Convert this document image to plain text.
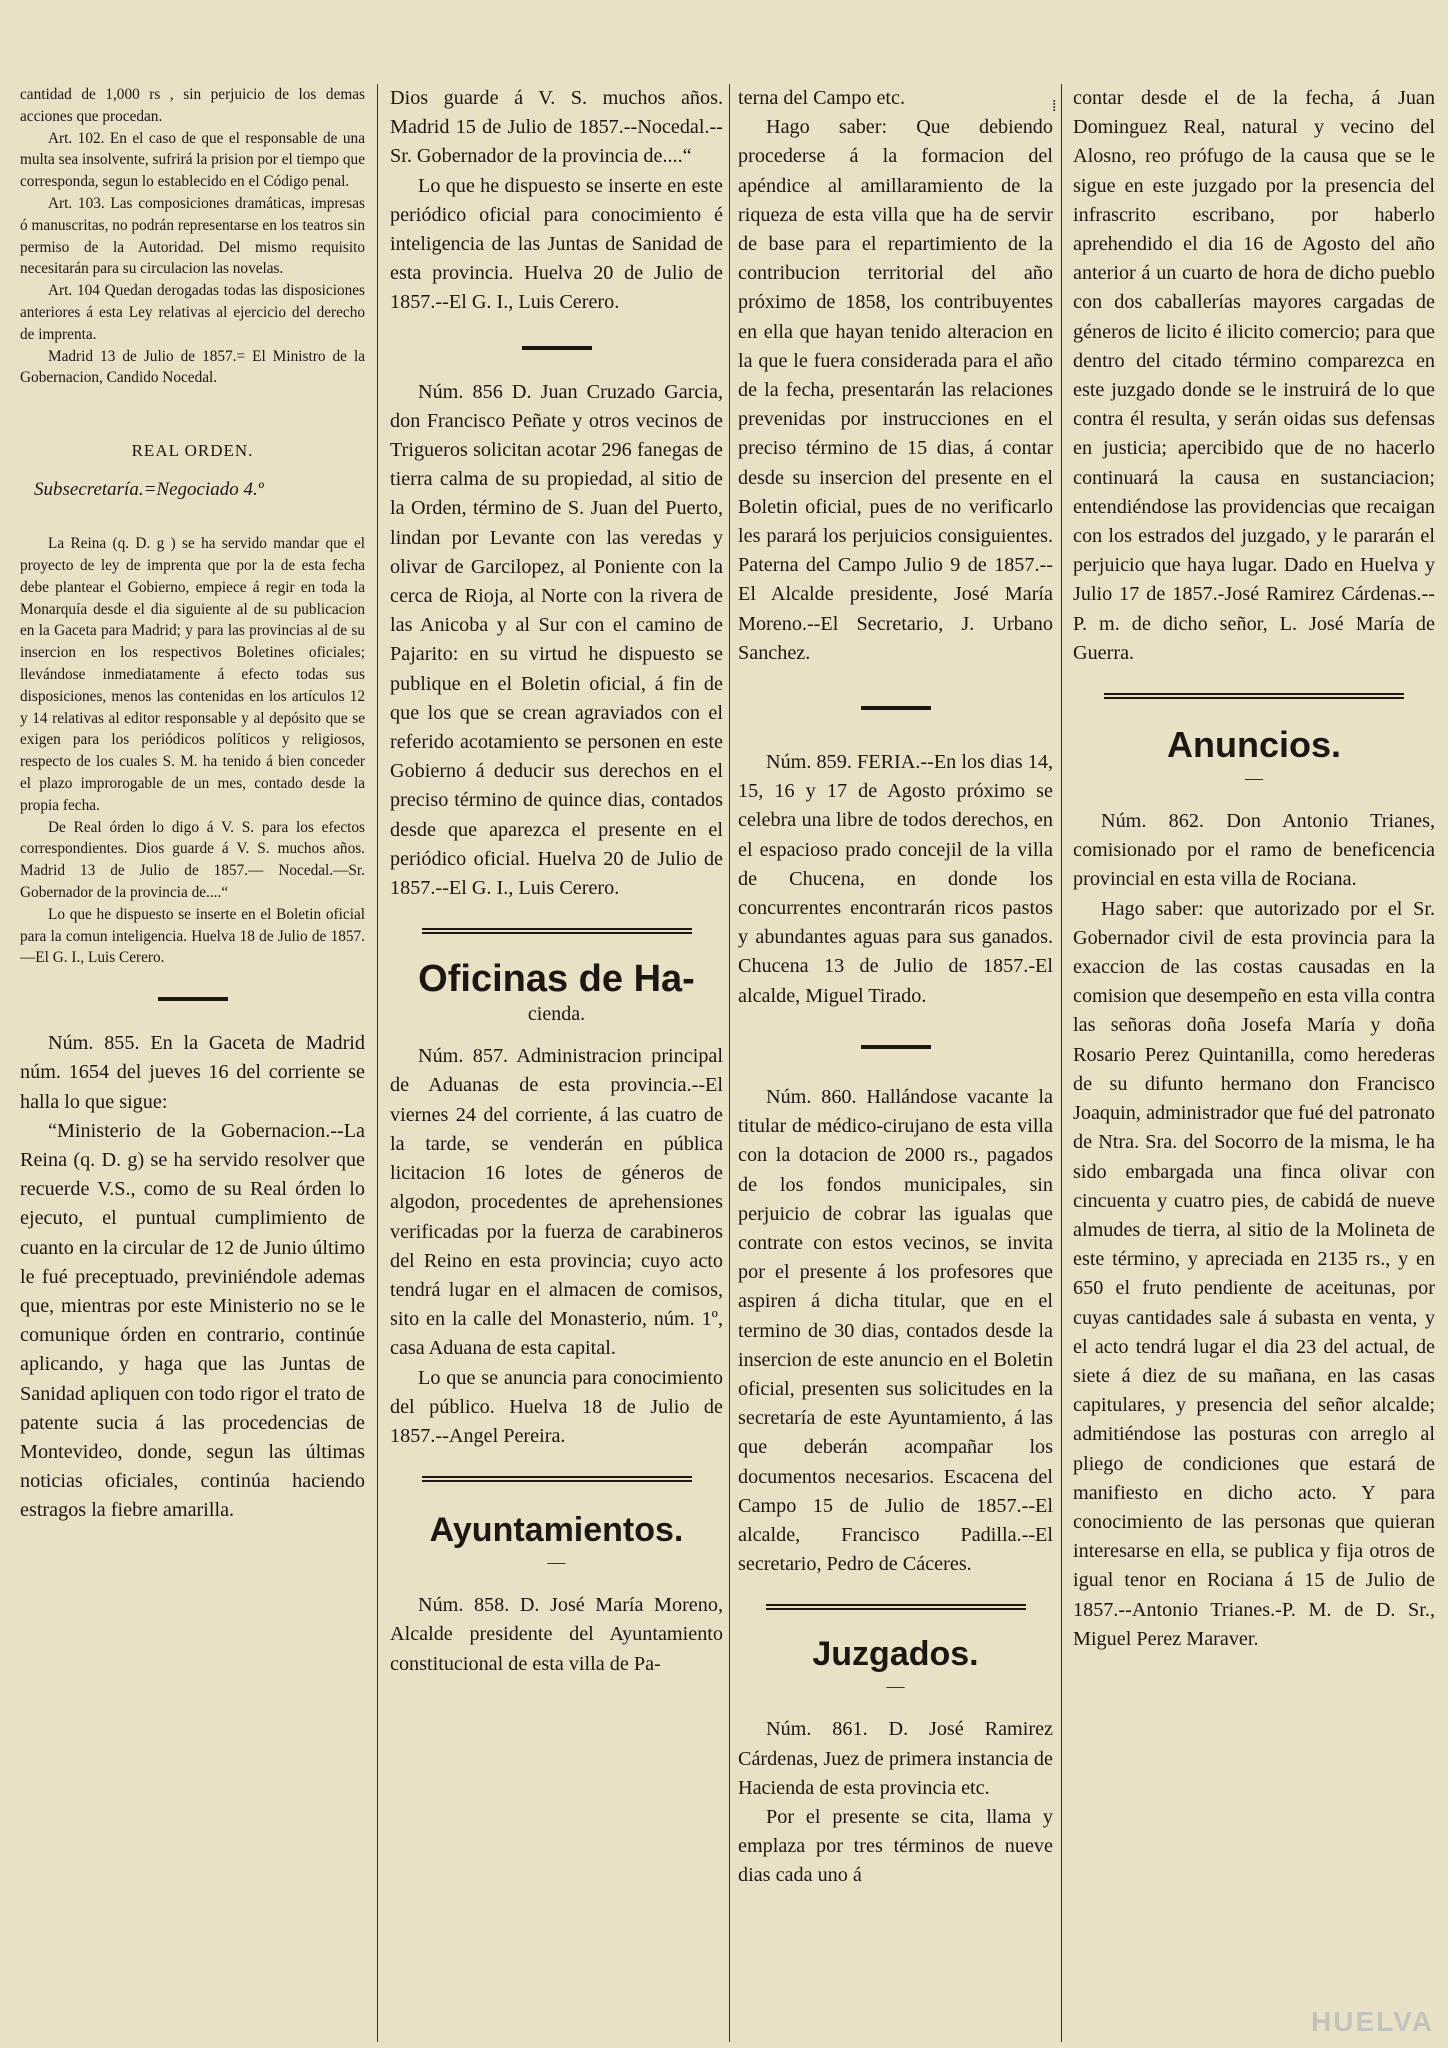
⁞

cantidad de 1,000 rs , sin perjuicio de los demas acciones que procedan.

Art. 102. En el caso de que el responsable de una multa sea insolvente, sufrirá la prision por el tiempo que corresponda, segun lo establecido en el Código penal.

Art. 103. Las composiciones dramáticas, impresas ó manuscritas, no podrán representarse en los teatros sin permiso de la Autoridad. Del mismo requisito necesitarán para su circulacion las novelas.

Art. 104 Quedan derogadas todas las disposiciones anteriores á esta Ley relativas al ejercicio del derecho de imprenta.

Madrid 13 de Julio de 1857.= El Ministro de la Gobernacion, Candido Nocedal.

REAL ORDEN.
Subsecretaría.=Negociado 4.º

La Reina (q. D. g ) se ha servido mandar que el proyecto de ley de imprenta que por la de esta fecha debe plantear el Gobierno, empiece á regir en toda la Monarquía desde el dia siguiente al de su publicacion en la Gaceta para Madrid; y para las provincias al de su insercion en los respectivos Boletines oficiales; llevándose inmediatamente á efecto todas sus disposiciones, menos las contenidas en los artículos 12 y 14 relativas al editor responsable y al depósito que se exigen para los periódicos políticos y religiosos, respecto de los cuales S. M. ha tenido á bien conceder el plazo improrogable de un mes, contado desde la propia fecha.

De Real órden lo digo á V. S. para los efectos correspondientes. Dios guarde á V. S. muchos años. Madrid 13 de Julio de 1857.— Nocedal.—Sr. Gobernador de la provincia de....“

Lo que he dispuesto se inserte en el Boletin oficial para la comun inteligencia. Huelva 18 de Julio de 1857.—El G. I., Luis Cerero.

Núm. 855. En la Gaceta de Madrid núm. 1654 del jueves 16 del corriente se halla lo que sigue:

“Ministerio de la Gobernacion.--La Reina (q. D. g) se ha servido resolver que recuerde V.S., como de su Real órden lo ejecuto, el puntual cumplimiento de cuanto en la circular de 12 de Junio último le fué preceptuado, previniéndole ademas que, mientras por este Ministerio no se le comunique órden en contrario, continúe aplicando, y haga que las Juntas de Sanidad apliquen con todo rigor el trato de patente sucia á las procedencias de Montevideo, donde, segun las últimas noticias oficiales, continúa haciendo estragos la fiebre amarilla.

Dios guarde á V. S. muchos años. Madrid 15 de Julio de 1857.--Nocedal.--Sr. Gobernador de la provincia de....“

Lo que he dispuesto se inserte en este periódico oficial para conocimiento é inteligencia de las Juntas de Sanidad de esta provincia. Huelva 20 de Julio de 1857.--El G. I., Luis Cerero.

Núm. 856 D. Juan Cruzado Garcia, don Francisco Peñate y otros vecinos de Trigueros solicitan acotar 296 fanegas de tierra calma de su propiedad, al sitio de la Orden, término de S. Juan del Puerto, lindan por Levante con las veredas y olivar de Garcilopez, al Poniente con la cerca de Rioja, al Norte con la rivera de las Anicoba y al Sur con el camino de Pajarito: en su virtud he dispuesto se publique en el Boletin oficial, á fin de que los que se crean agraviados con el referido acotamiento se personen en este Gobierno á deducir sus derechos en el preciso término de quince dias, contados desde que aparezca el presente en el periódico oficial. Huelva 20 de Julio de 1857.--El G. I., Luis Cerero.

Oficinas de Ha-
cienda.

Núm. 857. Administracion principal de Aduanas de esta provincia.--El viernes 24 del corriente, á las cuatro de la tarde, se venderán en pública licitacion 16 lotes de géneros de algodon, procedentes de aprehensiones verificadas por la fuerza de carabineros del Reino en esta provincia; cuyo acto tendrá lugar en el almacen de comisos, sito en la calle del Monasterio, núm. 1º, casa Aduana de esta capital.

Lo que se anuncia para conocimiento del público. Huelva 18 de Julio de 1857.--Angel Pereira.

Ayuntamientos.
—

Núm. 858. D. José María Moreno, Alcalde presidente del Ayuntamiento constitucional de esta villa de Pa-

terna del Campo etc.

Hago saber: Que debiendo procederse á la formacion del apéndice al amillaramiento de la riqueza de esta villa que ha de servir de base para el repartimiento de la contribucion territorial del año próximo de 1858, los contribuyentes en ella que hayan tenido alteracion en la que le fuera considerada para el año de la fecha, presentarán las relaciones prevenidas por instrucciones en el preciso término de 15 dias, á contar desde su insercion del presente en el Boletin oficial, pues de no verificarlo les parará los perjuicios consiguientes. Paterna del Campo Julio 9 de 1857.--El Alcalde presidente, José María Moreno.--El Secretario, J. Urbano Sanchez.

Núm. 859. FERIA.--En los dias 14, 15, 16 y 17 de Agosto próximo se celebra una libre de todos derechos, en el espacioso prado concejil de la villa de Chucena, en donde los concurrentes encontrarán ricos pastos y abundantes aguas para sus ganados. Chucena 13 de Julio de 1857.-El alcalde, Miguel Tirado.

Núm. 860. Hallándose vacante la titular de médico-cirujano de esta villa con la dotacion de 2000 rs., pagados de los fondos municipales, sin perjuicio de cobrar las igualas que contrate con estos vecinos, se invita por el presente á los profesores que aspiren á dicha titular, que en el termino de 30 dias, contados desde la insercion de este anuncio en el Boletin oficial, presenten sus solicitudes en la secretaría de este Ayuntamiento, á las que deberán acompañar los documentos necesarios. Escacena del Campo 15 de Julio de 1857.--El alcalde, Francisco Padilla.--El secretario, Pedro de Cáceres.

Juzgados.
—

Núm. 861. D. José Ramirez Cárdenas, Juez de primera instancia de Hacienda de esta provincia etc.

Por el presente se cita, llama y emplaza por tres términos de nueve dias cada uno á

contar desde el de la fecha, á Juan Dominguez Real, natural y vecino del Alosno, reo prófugo de la causa que se le sigue en este juzgado por la presencia del infrascrito escribano, por haberlo aprehendido el dia 16 de Agosto del año anterior á un cuarto de hora de dicho pueblo con dos caballerías mayores cargadas de géneros de licito é ilicito comercio; para que dentro del citado término comparezca en este juzgado donde se le instruirá de lo que contra él resulta, y serán oidas sus defensas en justicia; apercibido que de no hacerlo continuará la causa en sustanciacion; entendiéndose las providencias que recaigan con los estrados del juzgado, y le pararán el perjuicio que haya lugar. Dado en Huelva y Julio 17 de 1857.-José Ramirez Cárdenas.--P. m. de dicho señor, L. José María de Guerra.

Anuncios.
—

Núm. 862. Don Antonio Trianes, comisionado por el ramo de beneficencia provincial en esta villa de Rociana.

Hago saber: que autorizado por el Sr. Gobernador civil de esta provincia para la exaccion de las costas causadas en la comision que desempeño en esta villa contra las señoras doña Josefa María y doña Rosario Perez Quintanilla, como herederas de su difunto hermano don Francisco Joaquin, administrador que fué del patronato de Ntra. Sra. del Socorro de la misma, le ha sido embargada una finca olivar con cincuenta y cuatro pies, de cabidá de nueve almudes de tierra, al sitio de la Molineta de este término, y apreciada en 2135 rs., y en 650 el fruto pendiente de aceitunas, por cuyas cantidades sale á subasta en venta, y el acto tendrá lugar el dia 23 del actual, de siete á diez de su mañana, en las casas capitulares, y presencia del señor alcalde; admitiéndose las posturas con arreglo al pliego de condiciones que estará de manifiesto en dicho acto. Y para conocimiento de las personas que quieran interesarse en ella, se publica y fija otros de igual tenor en Rociana á 15 de Julio de 1857.--Antonio Trianes.-P. M. de D. Sr., Miguel Perez Maraver.

HUELVA
